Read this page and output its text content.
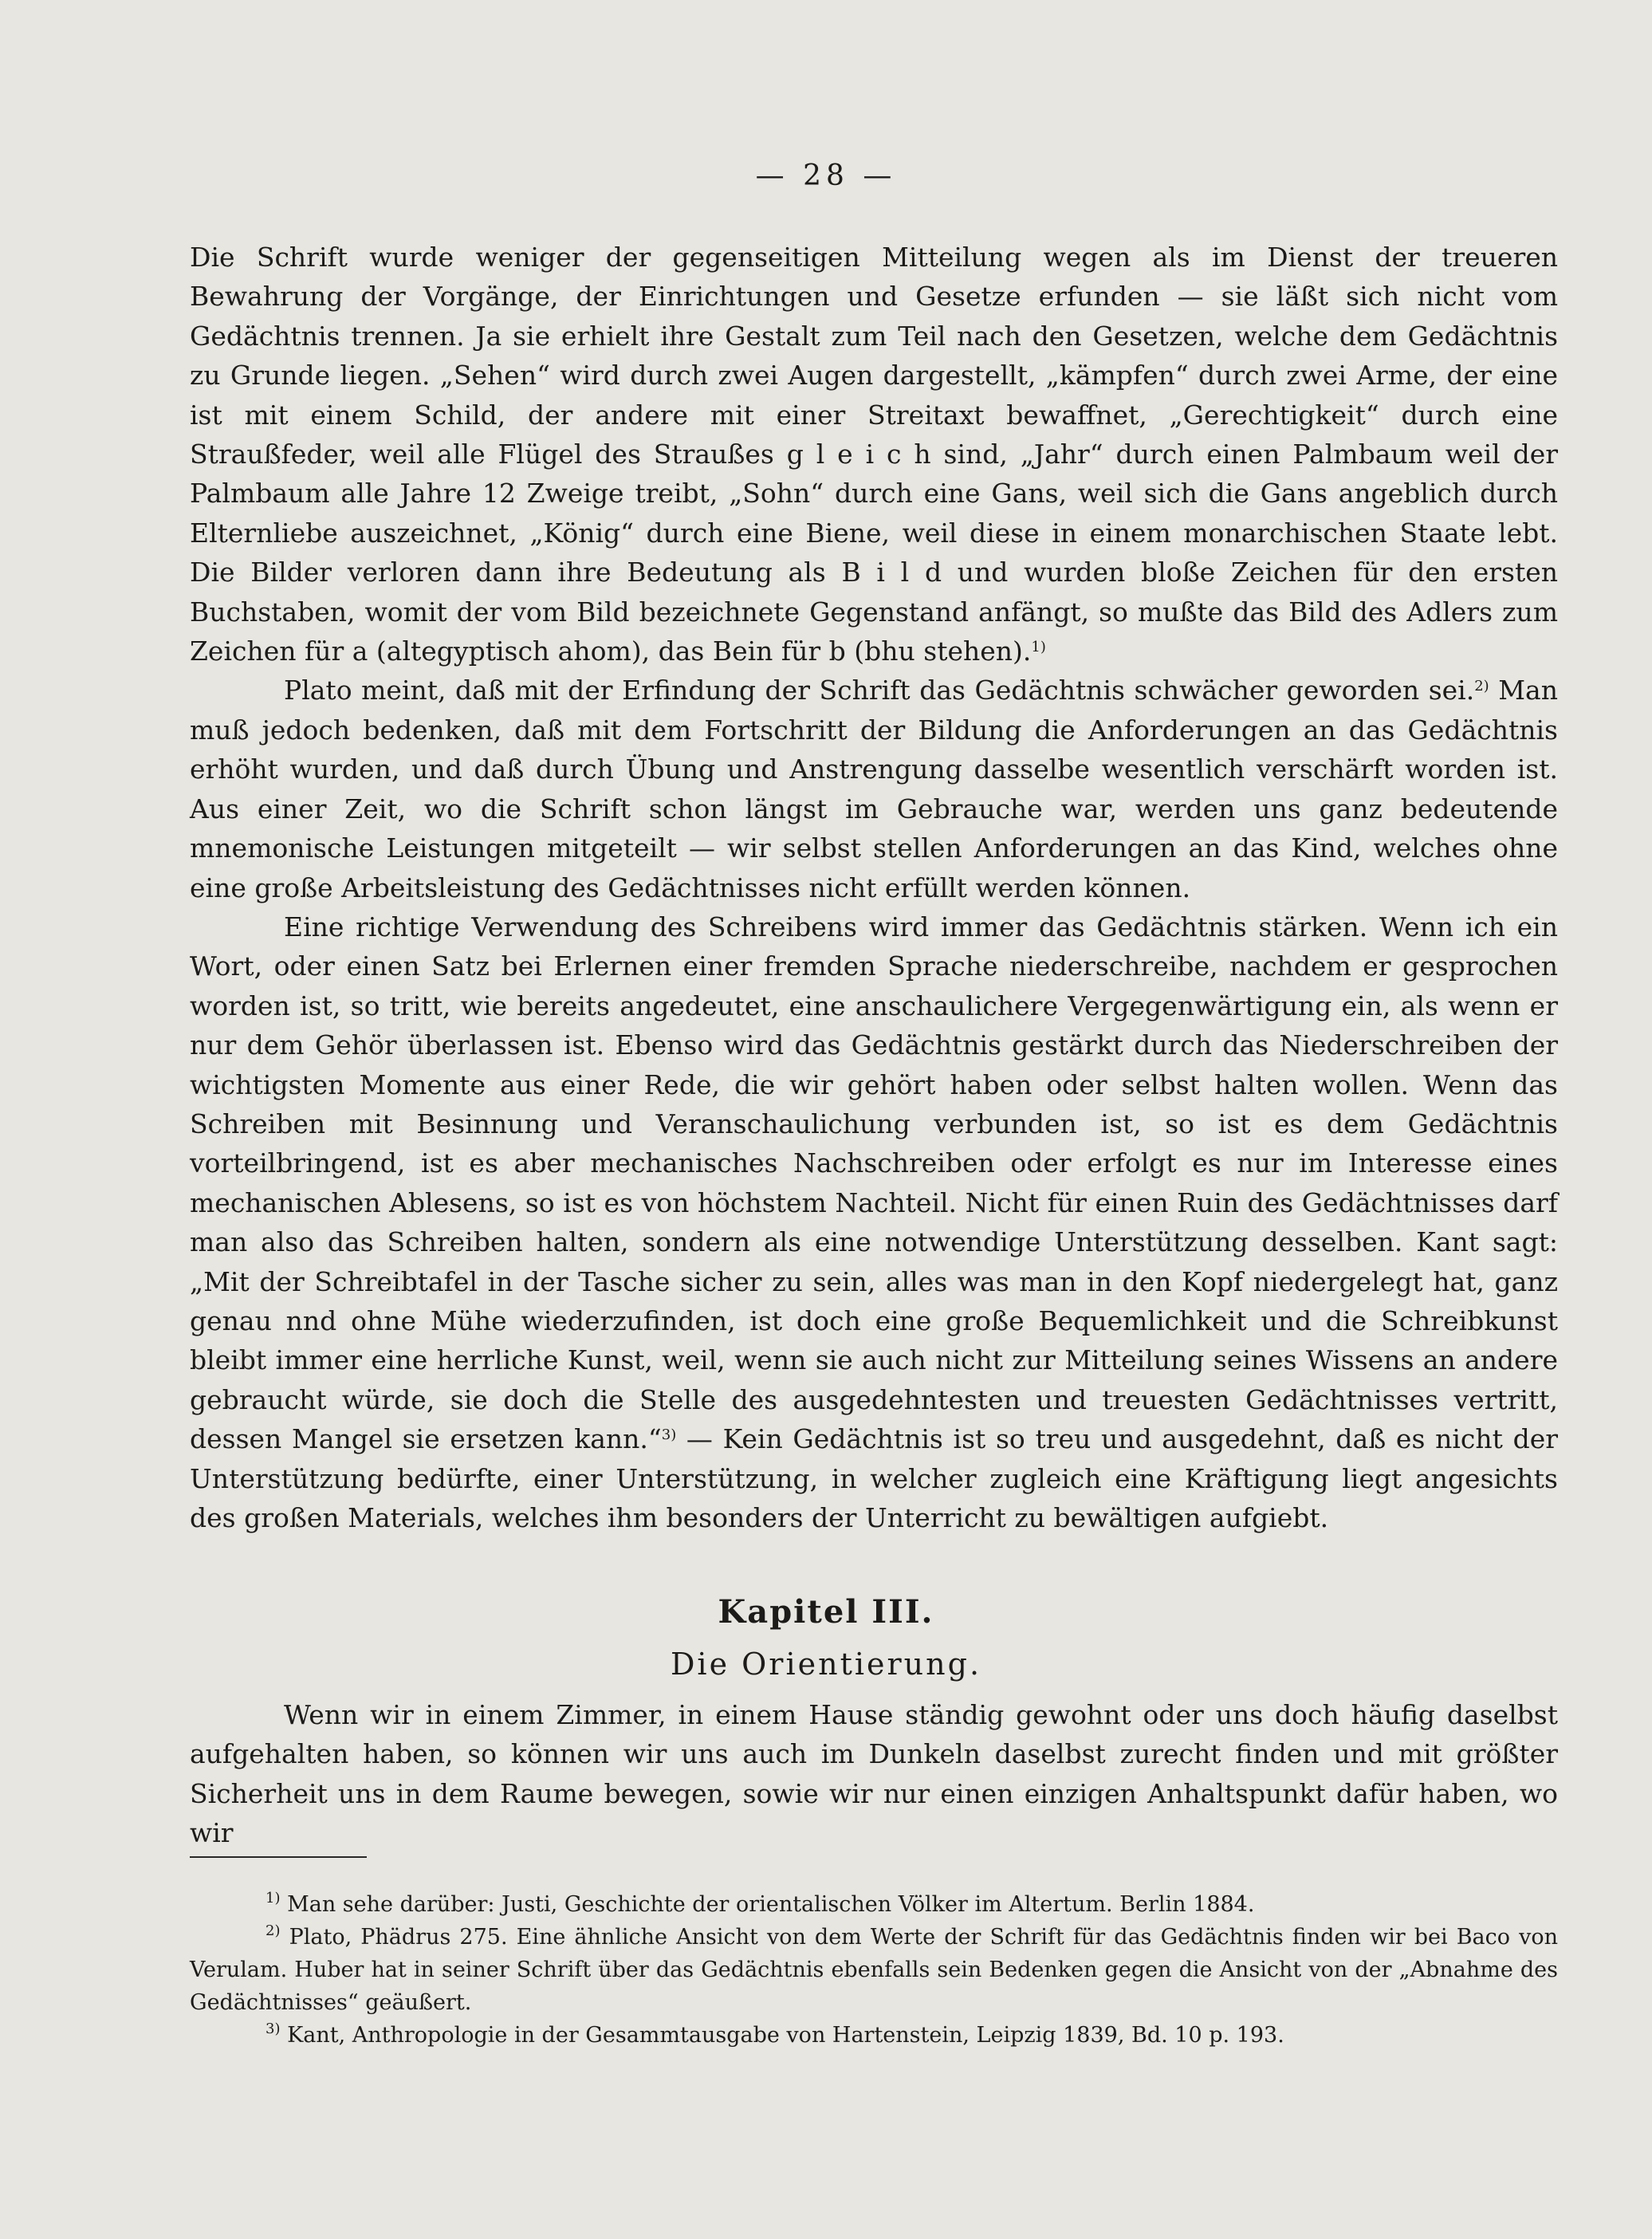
— 28 —

Die Schrift wurde weniger der gegenseitigen Mitteilung wegen als im Dienst der treueren Bewahrung der Vorgänge, der Einrichtungen und Gesetze erfunden — sie läßt sich nicht vom Gedächtnis trennen. Ja sie erhielt ihre Gestalt zum Teil nach den Gesetzen, welche dem Gedächtnis zu Grunde liegen. „Sehen“ wird durch zwei Augen dargestellt, „kämpfen“ durch zwei Arme, der eine ist mit einem Schild, der andere mit einer Streitaxt bewaffnet, „Gerechtigkeit“ durch eine Straußfeder, weil alle Flügel des Straußes g l e i c h sind, „Jahr“ durch einen Palmbaum weil der Palmbaum alle Jahre 12 Zweige treibt, „Sohn“ durch eine Gans, weil sich die Gans angeblich durch Elternliebe auszeichnet, „König“ durch eine Biene, weil diese in einem monarchischen Staate lebt. Die Bilder verloren dann ihre Bedeutung als B i l d und wurden bloße Zeichen für den ersten Buchstaben, womit der vom Bild bezeichnete Gegenstand anfängt, so mußte das Bild des Adlers zum Zeichen für a (altegyptisch ahom), das Bein für b (bhu stehen).$^{1)}$

Plato meint, daß mit der Erfindung der Schrift das Gedächtnis schwächer geworden sei.$^{2)}$ Man muß jedoch bedenken, daß mit dem Fortschritt der Bildung die Anforderungen an das Gedächtnis erhöht wurden, und daß durch Übung und Anstrengung dasselbe wesentlich verschärft worden ist. Aus einer Zeit, wo die Schrift schon längst im Gebrauche war, werden uns ganz bedeutende mnemonische Leistungen mitgeteilt — wir selbst stellen Anforderungen an das Kind, welches ohne eine große Arbeitsleistung des Gedächtnisses nicht erfüllt werden können.

Eine richtige Verwendung des Schreibens wird immer das Gedächtnis stärken. Wenn ich ein Wort, oder einen Satz bei Erlernen einer fremden Sprache niederschreibe, nachdem er gesprochen worden ist, so tritt, wie bereits angedeutet, eine anschaulichere Vergegenwärtigung ein, als wenn er nur dem Gehör überlassen ist. Ebenso wird das Gedächtnis gestärkt durch das Niederschreiben der wichtigsten Momente aus einer Rede, die wir gehört haben oder selbst halten wollen. Wenn das Schreiben mit Besinnung und Veranschaulichung verbunden ist, so ist es dem Gedächtnis vorteilbringend, ist es aber mechanisches Nachschreiben oder erfolgt es nur im Interesse eines mechanischen Ablesens, so ist es von höchstem Nachteil. Nicht für einen Ruin des Gedächtnisses darf man also das Schreiben halten, sondern als eine notwendige Unterstützung desselben. Kant sagt: „Mit der Schreibtafel in der Tasche sicher zu sein, alles was man in den Kopf niedergelegt hat, ganz genau nnd ohne Mühe wiederzufinden, ist doch eine große Bequemlichkeit und die Schreibkunst bleibt immer eine herrliche Kunst, weil, wenn sie auch nicht zur Mitteilung seines Wissens an andere gebraucht würde, sie doch die Stelle des ausgedehntesten und treuesten Gedächtnisses vertritt, dessen Mangel sie ersetzen kann.“$^{3)}$ — Kein Gedächtnis ist so treu und ausgedehnt, daß es nicht der Unterstützung bedürfte, einer Unterstützung, in welcher zugleich eine Kräftigung liegt angesichts des großen Materials, welches ihm besonders der Unterricht zu bewältigen aufgiebt.

Kapitel III.
Die Orientierung.

Wenn wir in einem Zimmer, in einem Hause ständig gewohnt oder uns doch häufig daselbst aufgehalten haben, so können wir uns auch im Dunkeln daselbst zurecht finden und mit größter Sicherheit uns in dem Raume bewegen, sowie wir nur einen einzigen Anhaltspunkt dafür haben, wo wir

$^{1)}$ Man sehe darüber: Justi, Geschichte der orientalischen Völker im Altertum. Berlin 1884.

$^{2)}$ Plato, Phädrus 275. Eine ähnliche Ansicht von dem Werte der Schrift für das Gedächtnis finden wir bei Baco von Verulam. Huber hat in seiner Schrift über das Gedächtnis ebenfalls sein Bedenken gegen die Ansicht von der „Abnahme des Gedächtnisses“ geäußert.

$^{3)}$ Kant, Anthropologie in der Gesammtausgabe von Hartenstein, Leipzig 1839, Bd. 10 p. 193.
